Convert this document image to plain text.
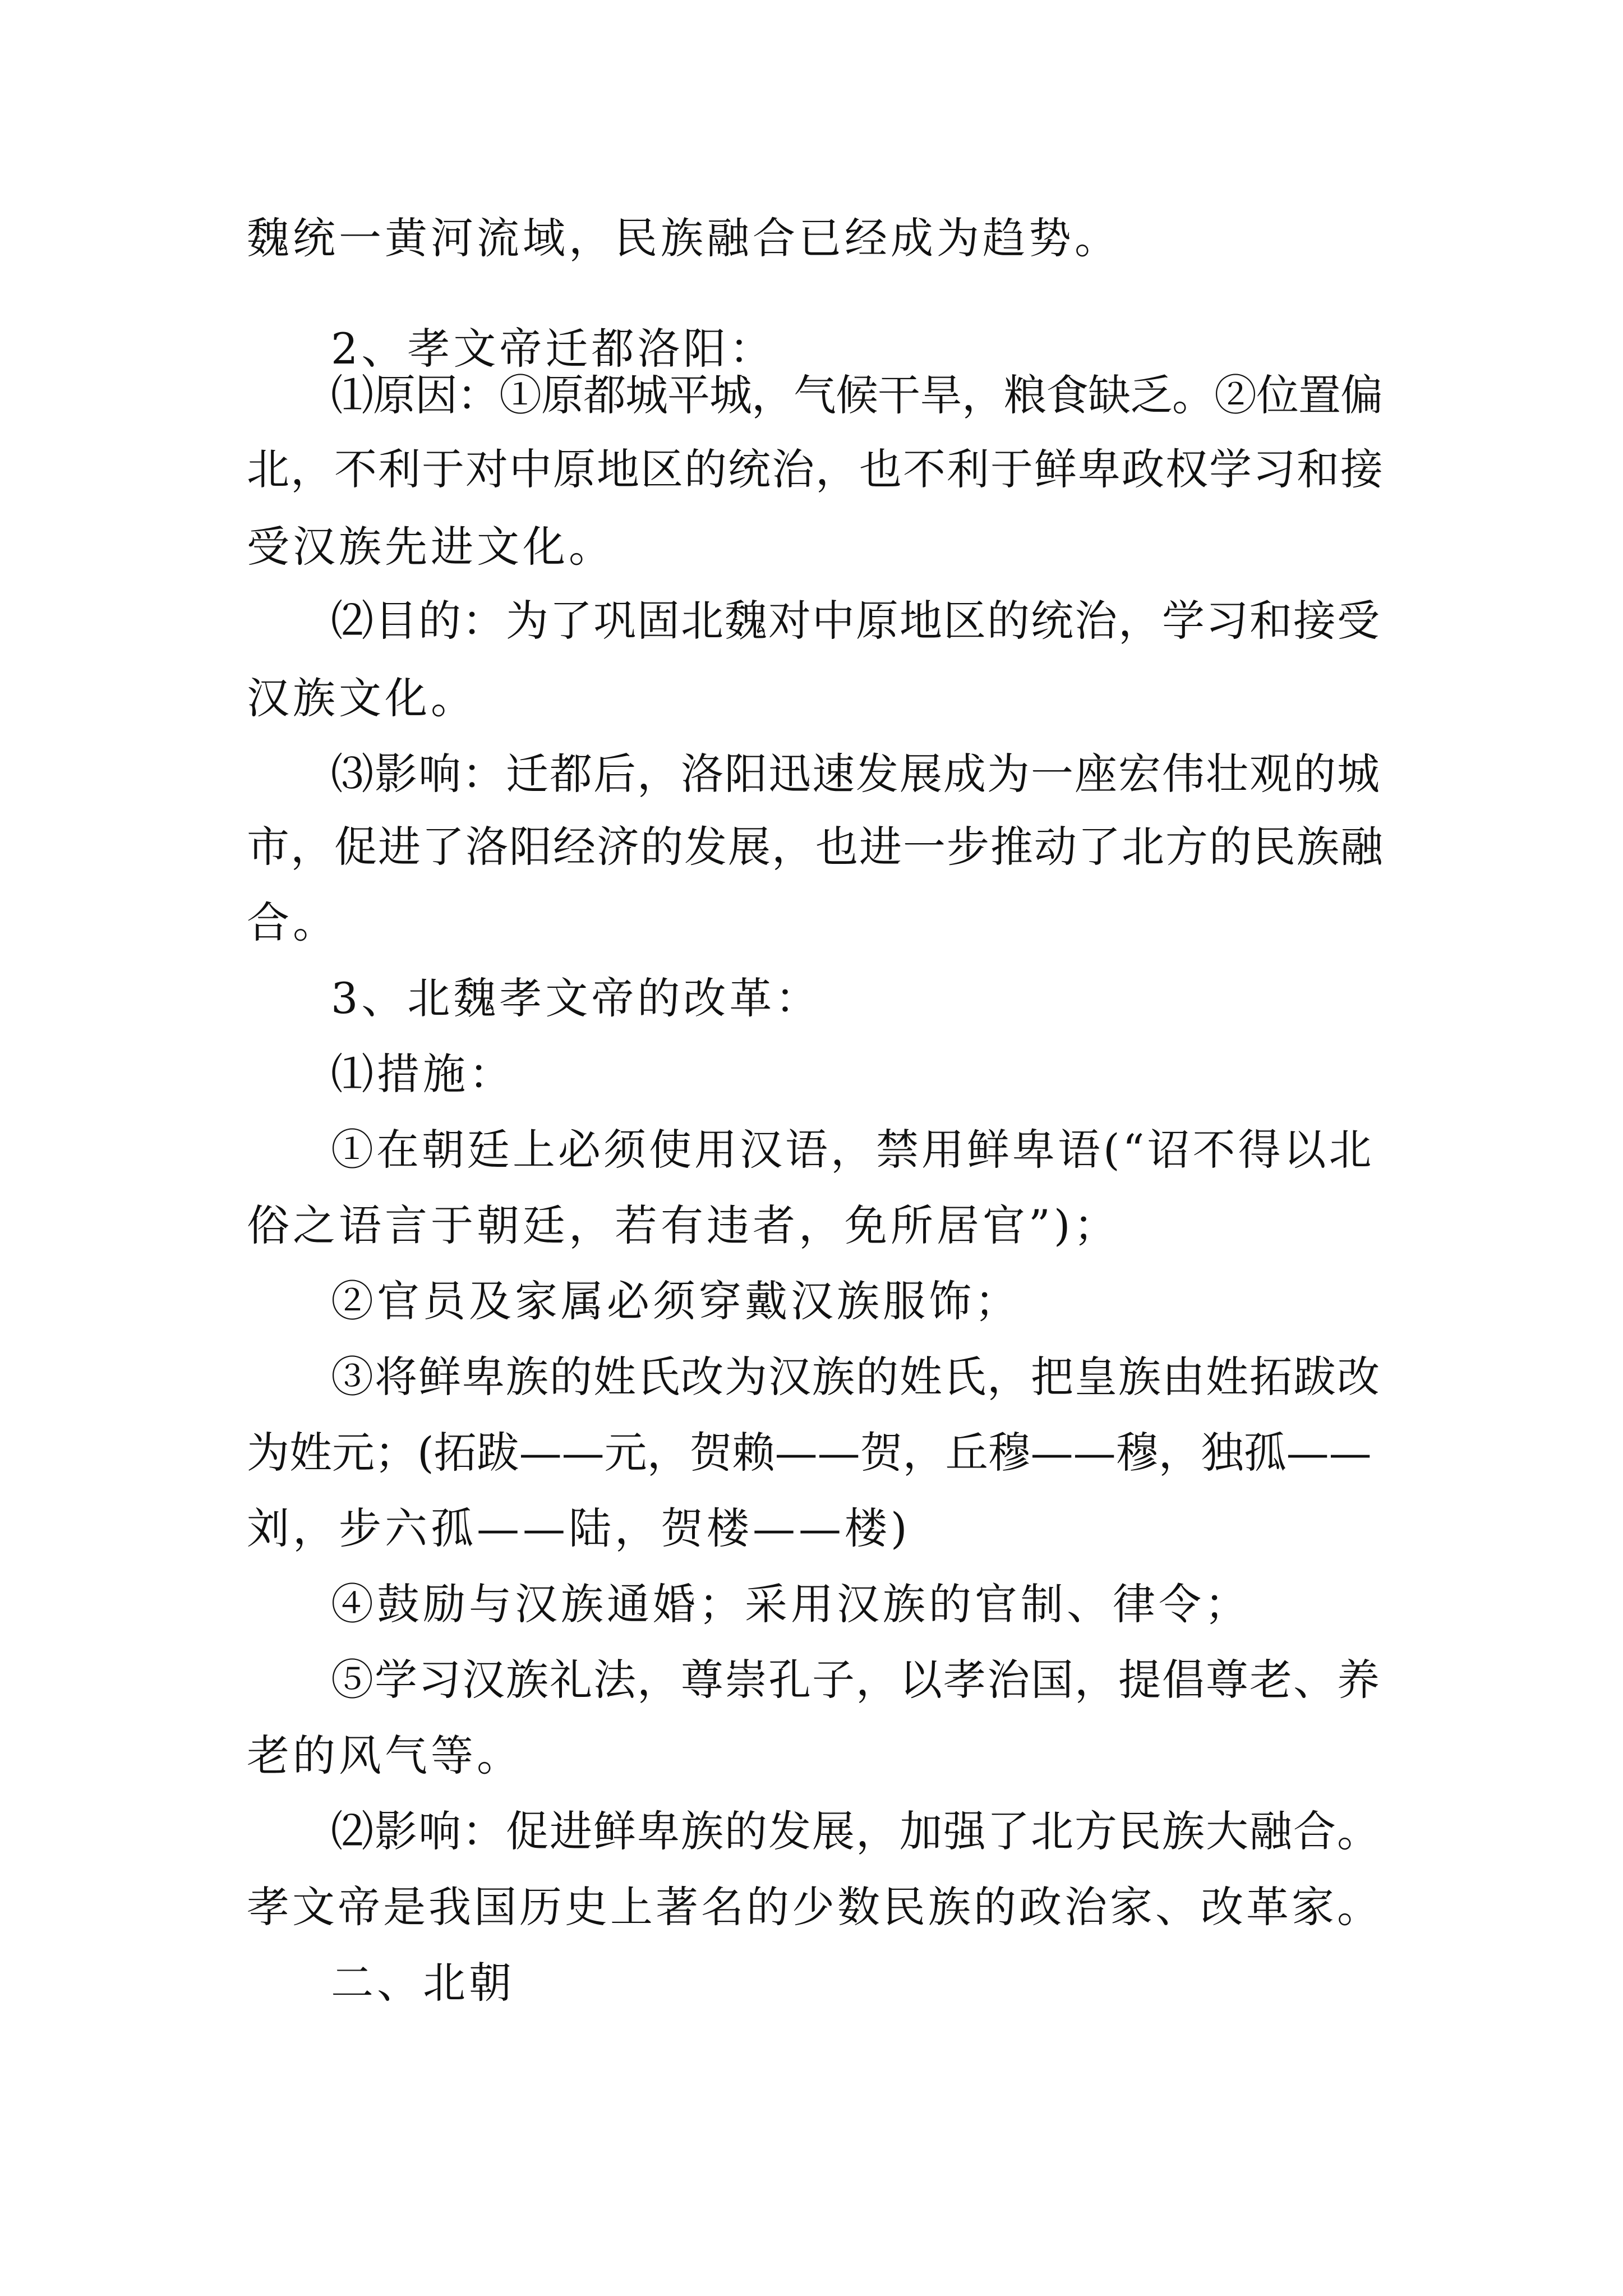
魏统一黄河流域，民族融合已经成为趋势。

2、孝文帝迁都洛阳：

⑴原因：①原都城平城，气候干旱，粮食缺乏。②位置偏

北，不利于对中原地区的统治，也不利于鲜卑政权学习和接

受汉族先进文化。

⑵目的：为了巩固北魏对中原地区的统治，学习和接受

汉族文化。

⑶影响：迁都后，洛阳迅速发展成为一座宏伟壮观的城

市，促进了洛阳经济的发展，也进一步推动了北方的民族融

合。

3、北魏孝文帝的改革：

⑴措施：

①在朝廷上必须使用汉语，禁用鲜卑语(“诏不得以北

俗之语言于朝廷，若有违者，免所居官”)；

②官员及家属必须穿戴汉族服饰；

③将鲜卑族的姓氏改为汉族的姓氏，把皇族由姓拓跋改

为姓元；(拓跋——元，贺赖——贺，丘穆——穆，独孤——

刘，步六孤——陆，贺楼——楼)

④鼓励与汉族通婚；采用汉族的官制、律令；

⑤学习汉族礼法，尊崇孔子，以孝治国，提倡尊老、养

老的风气等。

⑵影响：促进鲜卑族的发展，加强了北方民族大融合。

孝文帝是我国历史上著名的少数民族的政治家、改革家。

二、北朝
